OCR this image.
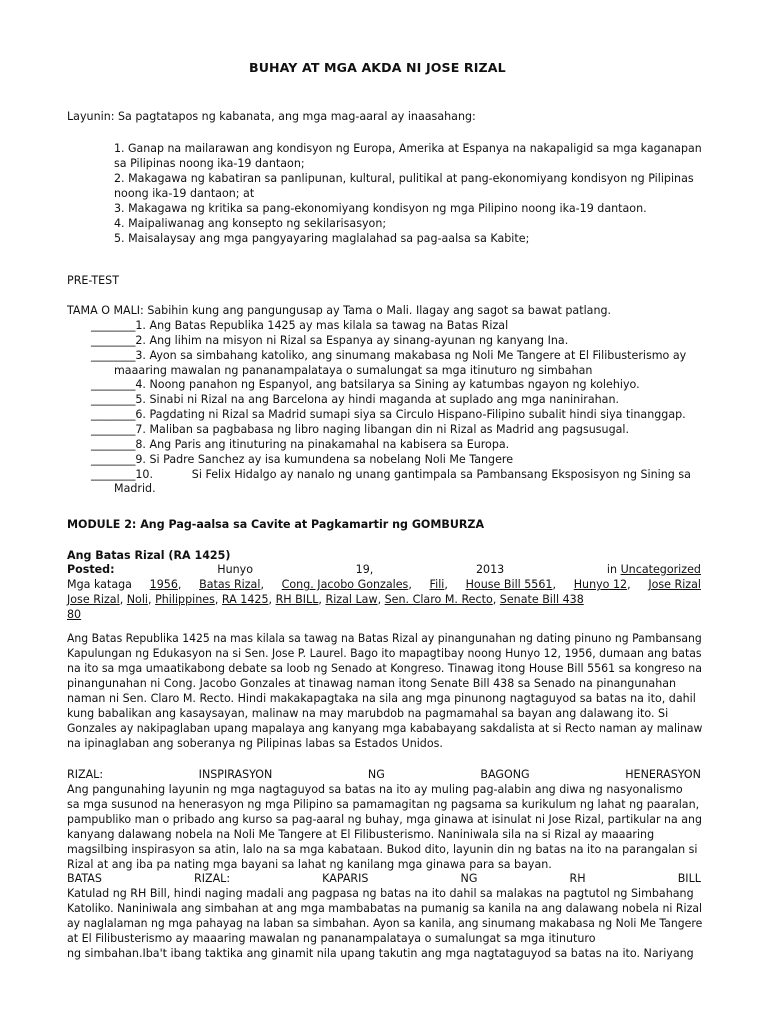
BUHAY AT MGA AKDA NI JOSE RIZAL
Layunin: Sa pagtatapos ng kabanata, ang mga mag-aaral ay inaasahang:
1. Ganap na mailarawan ang kondisyon ng Europa, Amerika at Espanya na nakapaligid sa mga kaganapan
sa Pilipinas noong ika-19 dantaon;
2. Makagawa ng kabatiran sa panlipunan, kultural, pulitikal at pang-ekonomiyang kondisyon ng Pilipinas
noong ika-19 dantaon; at
3. Makagawa ng kritika sa pang-ekonomiyang kondisyon ng mga Pilipino noong ika-19 dantaon.
4. Maipaliwanag ang konsepto ng sekilarisasyon;
5. Maisalaysay ang mga pangyayaring maglalahad sa pag-aalsa sa Kabite;
PRE-TEST
TAMA O MALI: Sabihin kung ang pangungusap ay Tama o Mali. Ilagay ang sagot sa bawat patlang.
________1. Ang Batas Republika 1425 ay mas kilala sa tawag na Batas Rizal
________2. Ang lihim na misyon ni Rizal sa Espanya ay sinang-ayunan ng kanyang Ina.
________3. Ayon sa simbahang katoliko, ang sinumang makabasa ng Noli Me Tangere at El Filibusterismo ay
maaaring mawalan ng pananampalataya o sumalungat sa mga itinuturo ng simbahan
________4. Noong panahon ng Espanyol, ang batsilarya sa Sining ay katumbas ngayon ng kolehiyo.
________5. Sinabi ni Rizal na ang Barcelona ay hindi maganda at suplado ang mga naninirahan.
________6. Pagdating ni Rizal sa Madrid sumapi siya sa Circulo Hispano-Filipino subalit hindi siya tinanggap.
________7. Maliban sa pagbabasa ng libro naging libangan din ni Rizal as Madrid ang pagsusugal.
________8. Ang Paris ang itinuturing na pinakamahal na kabisera sa Europa.
________9. Si Padre Sanchez ay isa kumundena sa nobelang Noli Me Tangere
________10.           Si Felix Hidalgo ay nanalo ng unang gantimpala sa Pambansang Eksposisyon ng Sining sa
Madrid.
MODULE 2: Ang Pag-aalsa sa Cavite at Pagkamartir ng GOMBURZA
Ang Batas Rizal (RA 1425)
Posted:	Hunyo	19,	2013	in Uncategorized
Mga kataga 1956, Batas Rizal, Cong. Jacobo Gonzales, Fili, House Bill 5561, Hunyo 12, Jose Rizal
Jose Rizal, Noli, Philippines, RA 1425, RH BILL, Rizal Law, Sen. Claro M. Recto, Senate Bill 438
80
Ang Batas Republika 1425 na mas kilala sa tawag na Batas Rizal ay pinangunahan ng dating pinuno ng Pambansang
Kapulungan ng Edukasyon na si Sen. Jose P. Laurel. Bago ito mapagtibay noong Hunyo 12, 1956, dumaan ang batas
na ito sa mga umaatikabong debate sa loob ng Senado at Kongreso. Tinawag itong House Bill 5561 sa kongreso na
pinangunahan ni Cong. Jacobo Gonzales at tinawag naman itong Senate Bill 438 sa Senado na pinangunahan
naman ni Sen. Claro M. Recto. Hindi makakapagtaka na sila ang mga pinunong nagtaguyod sa batas na ito, dahil
kung babalikan ang kasaysayan, malinaw na may marubdob na pagmamahal sa bayan ang dalawang ito. Si
Gonzales ay nakipaglaban upang mapalaya ang kanyang mga kababayang sakdalista at si Recto naman ay malinaw
na ipinaglaban ang soberanya ng Pilipinas labas sa Estados Unidos.
RIZAL:	INSPIRASYON	NG	BAGONG	HENERASYON
Ang pangunahing layunin ng mga nagtaguyod sa batas na ito ay muling pag-alabin ang diwa ng nasyonalismo
sa mga susunod na henerasyon ng mga Pilipino sa pamamagitan ng pagsama sa kurikulum ng lahat ng paaralan,
pampubliko man o pribado ang kurso sa pag-aaral ng buhay, mga ginawa at isinulat ni Jose Rizal, partikular na ang
kanyang dalawang nobela na Noli Me Tangere at El Filibusterismo. Naniniwala sila na si Rizal ay maaaring
magsilbing inspirasyon sa atin, lalo na sa mga kabataan. Bukod dito, layunin din ng batas na ito na parangalan si
Rizal at ang iba pa nating mga bayani sa lahat ng kanilang mga ginawa para sa bayan.
BATAS	RIZAL:	KAPARIS	NG	RH	BILL
Katulad ng RH Bill, hindi naging madali ang pagpasa ng batas na ito dahil sa malakas na pagtutol ng Simbahang
Katoliko. Naniniwala ang simbahan at ang mga mambabatas na pumanig sa kanila na ang dalawang nobela ni Rizal
ay naglalaman ng mga pahayag na laban sa simbahan. Ayon sa kanila, ang sinumang makabasa ng Noli Me Tangere
at El Filibusterismo ay maaaring mawalan ng pananampalataya o sumalungat sa mga itinuturo
ng simbahan.Iba't ibang taktika ang ginamit nila upang takutin ang mga nagtataguyod sa batas na ito. Nariyang
